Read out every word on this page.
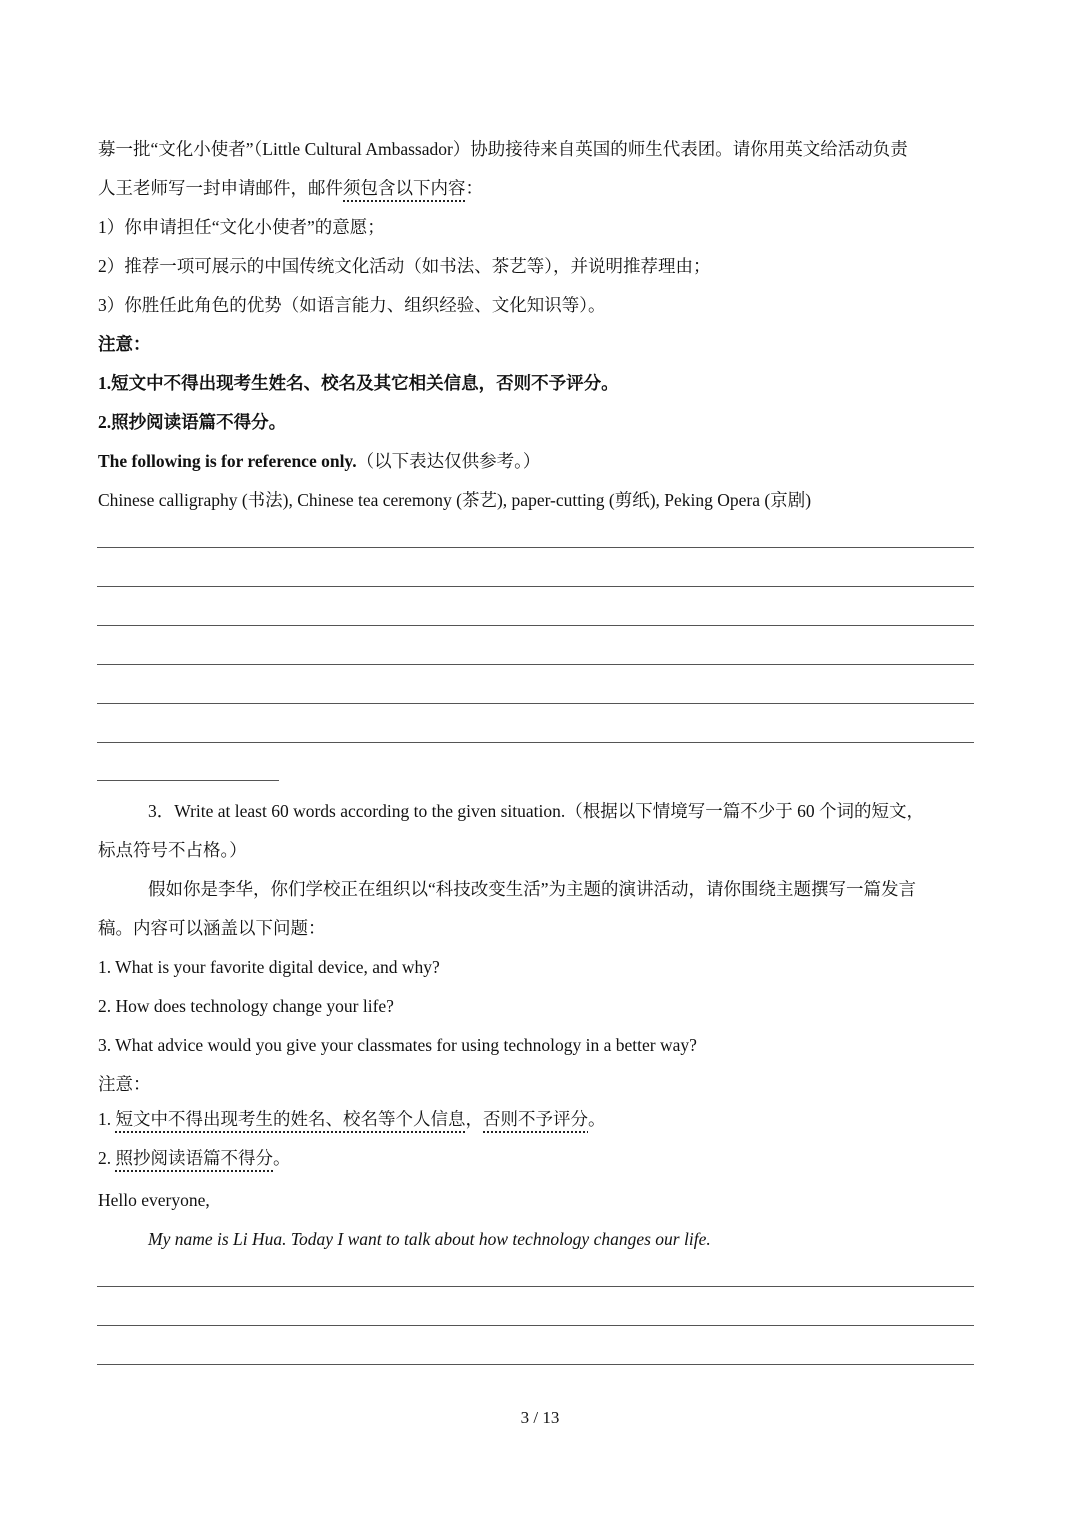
募一批“文化小使者”（Little Cultural Ambassador）协助接待来自英国的师生代表团。请你用英文给活动负责
人王老师写一封申请邮件，邮件须包含以下内容：
1）你申请担任“文化小使者”的意愿；
2）推荐一项可展示的中国传统文化活动（如书法、茶艺等），并说明推荐理由；
3）你胜任此角色的优势（如语言能力、组织经验、文化知识等）。
注意：
1.短文中不得出现考生姓名、校名及其它相关信息，否则不予评分。
2.照抄阅读语篇不得分。
The following is for reference only.（以下表达仅供参考。）
Chinese calligraphy (书法), Chinese tea ceremony (茶艺), paper-cutting (剪纸), Peking Opera (京剧)
3．Write at least 60 words according to the given situation.（根据以下情境写一篇不少于 60 个词的短文，
标点符号不占格。）
假如你是李华，你们学校正在组织以“科技改变生活”为主题的演讲活动，请你围绕主题撰写一篇发言
稿。内容可以涵盖以下问题：
1. What is your favorite digital device, and why?
2. How does technology change your life?
3. What advice would you give your classmates for using technology in a better way?
注意：
1. 短文中不得出现考生的姓名、校名等个人信息，否则不予评分。
2. 照抄阅读语篇不得分。
Hello everyone,
My name is Li Hua. Today I want to talk about how technology changes our life.
3 / 13
